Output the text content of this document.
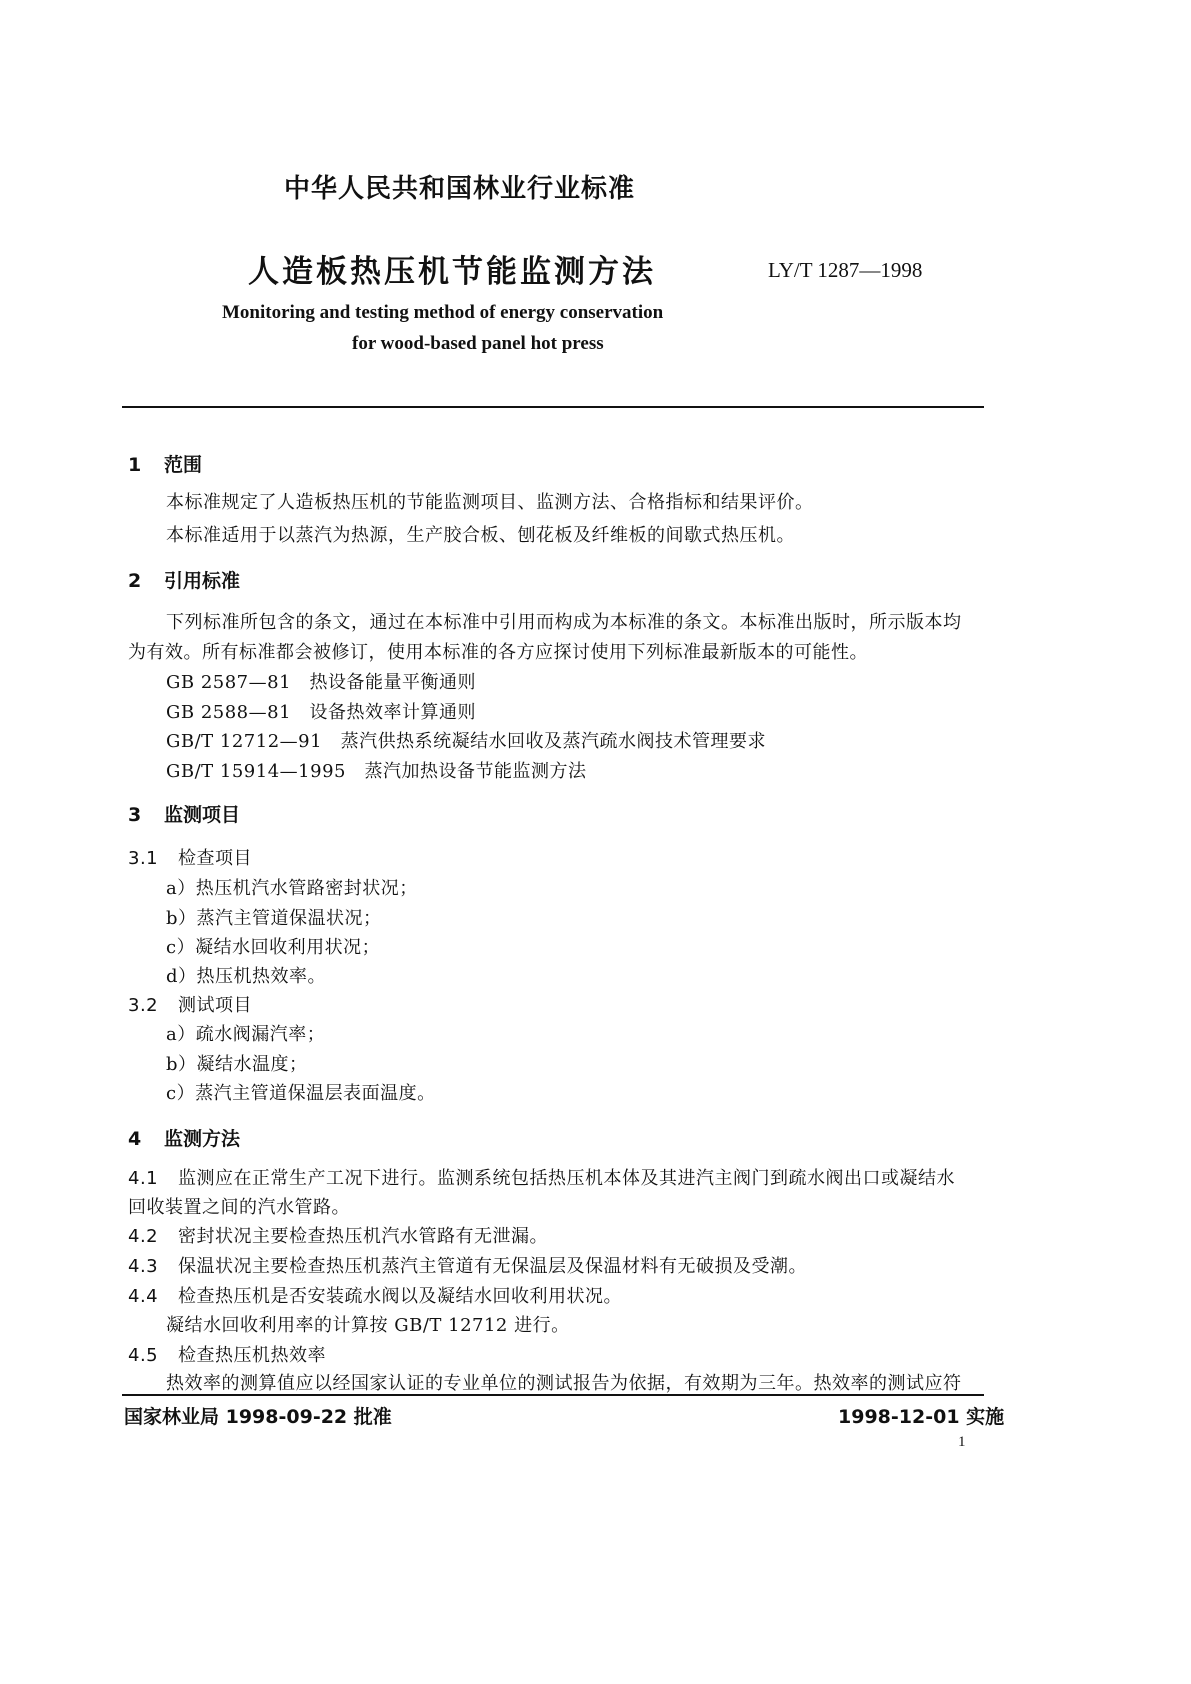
中华人民共和国林业行业标准
人造板热压机节能监测方法	LY/T 1287—1998
Monitoring and testing method of energy conservation
for wood-based panel hot press
1 范围
本标准规定了人造板热压机的节能监测项目、监测方法、合格指标和结果评价。
本标准适用于以蒸汽为热源，生产胶合板、刨花板及纤维板的间歇式热压机。
2 引用标准
下列标准所包含的条文，通过在本标准中引用而构成为本标准的条文。本标准出版时，所示版本均
为有效。所有标准都会被修订，使用本标准的各方应探讨使用下列标准最新版本的可能性。
GB 2587—81　热设备能量平衡通则
GB 2588—81　设备热效率计算通则
GB/T 12712—91　蒸汽供热系统凝结水回收及蒸汽疏水阀技术管理要求
GB/T 15914—1995　蒸汽加热设备节能监测方法
3 监测项目
3.1 检查项目
a）热压机汽水管路密封状况；
b）蒸汽主管道保温状况；
c）凝结水回收利用状况；
d）热压机热效率。
3.2 测试项目
a）疏水阀漏汽率；
b）凝结水温度；
c）蒸汽主管道保温层表面温度。
4 监测方法
4.1 监测应在正常生产工况下进行。监测系统包括热压机本体及其进汽主阀门到疏水阀出口或凝结水
回收装置之间的汽水管路。
4.2 密封状况主要检查热压机汽水管路有无泄漏。
4.3 保温状况主要检查热压机蒸汽主管道有无保温层及保温材料有无破损及受潮。
4.4 检查热压机是否安装疏水阀以及凝结水回收利用状况。
凝结水回收利用率的计算按 GB/T 12712 进行。
4.5 检查热压机热效率
热效率的测算值应以经国家认证的专业单位的测试报告为依据，有效期为三年。热效率的测试应符
国家林业局 1998-09-22 批准	1998-12-01 实施
1
